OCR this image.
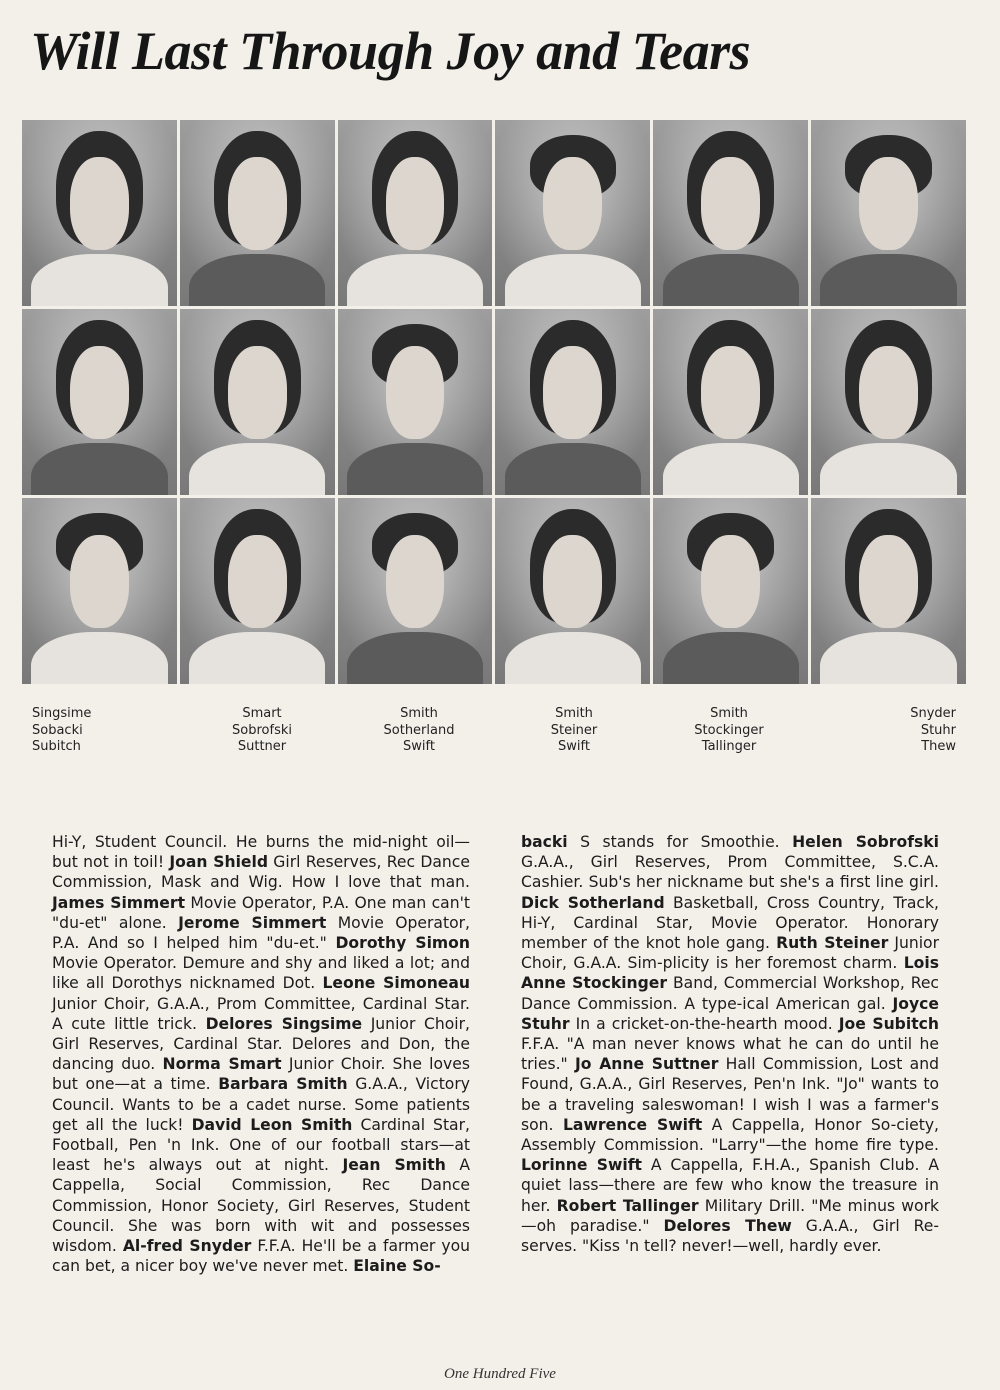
Will Last Through Joy and Tears
Singsime
Sobacki
Subitch
Smart
Sobrofski
Suttner
Smith
Sotherland
Swift
Smith
Steiner
Swift
Smith
Stockinger
Tallinger
Snyder
Stuhr
Thew

Hi-Y, Student Council. He burns the mid-night oil—but not in toil! Joan Shield Girl Reserves, Rec Dance Commission, Mask and Wig. How I love that man. James Simmert Movie Operator, P.A. One man can't "du-et" alone. Jerome Simmert Movie Operator, P.A. And so I helped him "du-et." Dorothy Simon Movie Operator. Demure and shy and liked a lot; and like all Dorothys nicknamed Dot. Leone Simoneau Junior Choir, G.A.A., Prom Committee, Cardinal Star. A cute little trick. Delores Singsime Junior Choir, Girl Reserves, Cardinal Star. Delores and Don, the dancing duo. Norma Smart Junior Choir. She loves but one—at a time. Barbara Smith G.A.A., Victory Council. Wants to be a cadet nurse. Some patients get all the luck! David Leon Smith Cardinal Star, Football, Pen 'n Ink. One of our football stars—at least he's always out at night. Jean Smith A Cappella, Social Commission, Rec Dance Commission, Honor Society, Girl Reserves, Student Council. She was born with wit and possesses wisdom. Al-fred Snyder F.F.A. He'll be a farmer you can bet, a nicer boy we've never met. Elaine So-

backi S stands for Smoothie. Helen Sobrofski G.A.A., Girl Reserves, Prom Committee, S.C.A. Cashier. Sub's her nickname but she's a first line girl. Dick Sotherland Basketball, Cross Country, Track, Hi-Y, Cardinal Star, Movie Operator. Honorary member of the knot hole gang. Ruth Steiner Junior Choir, G.A.A. Sim-plicity is her foremost charm. Lois Anne Stockinger Band, Commercial Workshop, Rec Dance Commission. A type-ical American gal. Joyce Stuhr In a cricket-on-the-hearth mood. Joe Subitch F.F.A. "A man never knows what he can do until he tries." Jo Anne Suttner Hall Commission, Lost and Found, G.A.A., Girl Reserves, Pen'n Ink. "Jo" wants to be a traveling saleswoman! I wish I was a farmer's son. Lawrence Swift A Cappella, Honor So-ciety, Assembly Commission. "Larry"—the home fire type. Lorinne Swift A Cappella, F.H.A., Spanish Club. A quiet lass—there are few who know the treasure in her. Robert Tallinger Military Drill. "Me minus work—oh paradise." Delores Thew G.A.A., Girl Re-serves. "Kiss 'n tell? never!—well, hardly ever.

One Hundred Five
